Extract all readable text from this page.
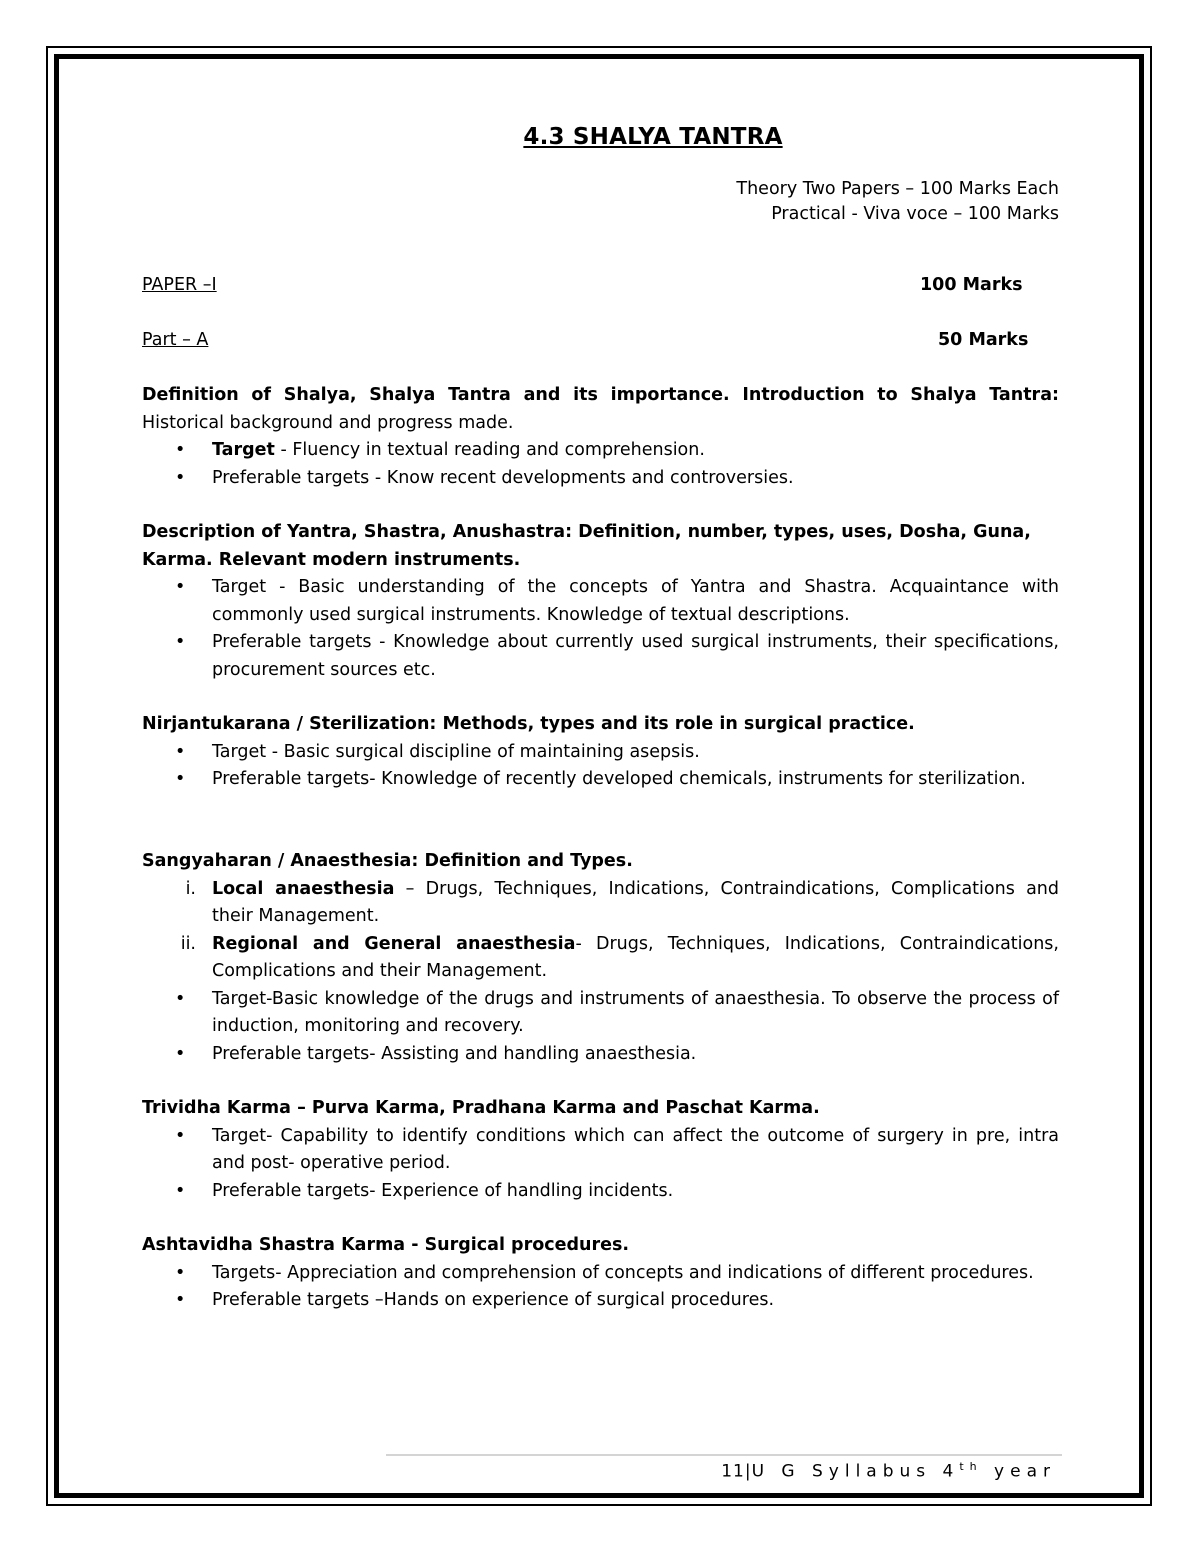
4.3 SHALYA TANTRA
Theory Two Papers – 100 Marks Each
Practical - Viva voce – 100 Marks
PAPER –I	100 Marks
Part – A	50 Marks
Definition of Shalya, Shalya Tantra and its importance. Introduction to Shalya Tantra: Historical background and progress made.
• Target - Fluency in textual reading and comprehension.
• Preferable targets - Know recent developments and controversies.
Description of Yantra, Shastra, Anushastra: Definition, number, types, uses, Dosha, Guna, Karma. Relevant modern instruments.
• Target - Basic understanding of the concepts of Yantra and Shastra. Acquaintance with commonly used surgical instruments. Knowledge of textual descriptions.
• Preferable targets - Knowledge about currently used surgical instruments, their specifications, procurement sources etc.
Nirjantukarana / Sterilization: Methods, types and its role in surgical practice.
• Target - Basic surgical discipline of maintaining asepsis.
• Preferable targets- Knowledge of recently developed chemicals, instruments for sterilization.
Sangyaharan / Anaesthesia: Definition and Types.
i. Local anaesthesia – Drugs, Techniques, Indications, Contraindications, Complications and their Management.
ii. Regional and General anaesthesia- Drugs, Techniques, Indications, Contraindications, Complications and their Management.
• Target-Basic knowledge of the drugs and instruments of anaesthesia. To observe the process of induction, monitoring and recovery.
• Preferable targets- Assisting and handling anaesthesia.
Trividha Karma – Purva Karma, Pradhana Karma and Paschat Karma.
• Target- Capability to identify conditions which can affect the outcome of surgery in pre, intra and post- operative period.
• Preferable targets- Experience of handling incidents.
Ashtavidha Shastra Karma - Surgical procedures.
• Targets- Appreciation and comprehension of concepts and indications of different procedures.
• Preferable targets –Hands on experience of surgical procedures.
11|U G Syllabus 4th year
